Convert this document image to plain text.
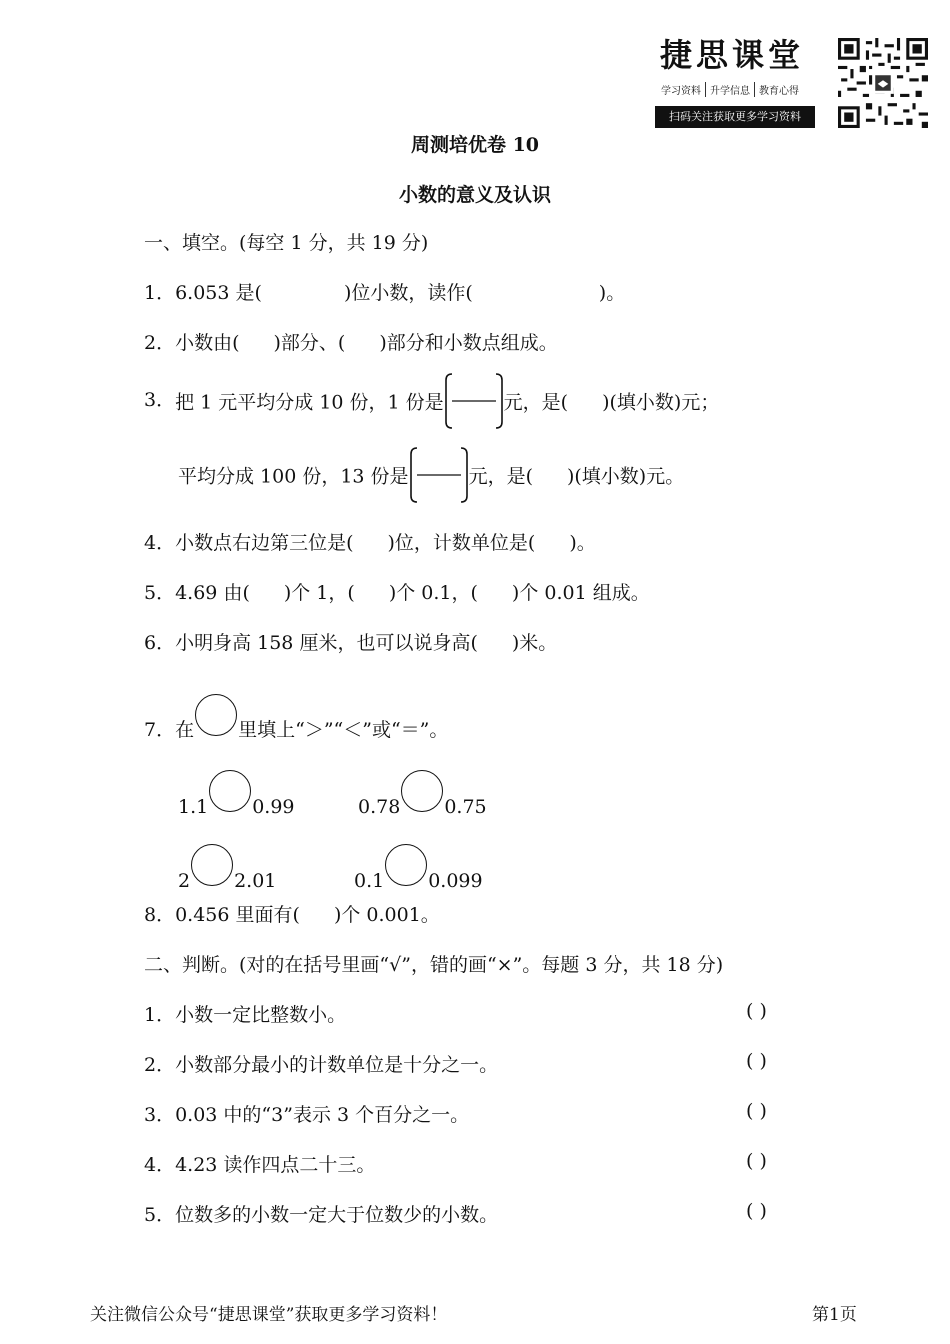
捷思课堂
学习资料 升学信息 教育心得
扫码关注获取更多学习资料
周测培优卷 10
小数的意义及认识
一、填空。(每空 1 分，共 19 分)
1．6.053 是(	)位小数，读作(	)。
2．小数由( )部分、( )部分和小数点组成。
3．把 1 元平均分成 10 份，1 份是	元，是( )(填小数)元；
平均分成 100 份，13 份是	元，是( )(填小数)元。
4．小数点右边第三位是( )位，计数单位是( )。
5．4.69 由( )个 1，( )个 0.1，( )个 0.01 组成。
6．小明身高 158 厘米，也可以说身高( )米。
7．在 里填上“＞”“＜”或“＝”。
1.1 0.99	0.78 0.75
2 2.01	0.1 0.099
8．0.456 里面有( )个 0.001。
二、判断。(对的在括号里画“√”，错的画“×”。每题 3 分，共 18 分)
1．小数一定比整数小。	( )
2．小数部分最小的计数单位是十分之一。	( )
3．0.03 中的“3”表示 3 个百分之一。	( )
4．4.23 读作四点二十三。	( )
5．位数多的小数一定大于位数少的小数。	( )
关注微信公众号“捷思课堂”获取更多学习资料！	第1页
